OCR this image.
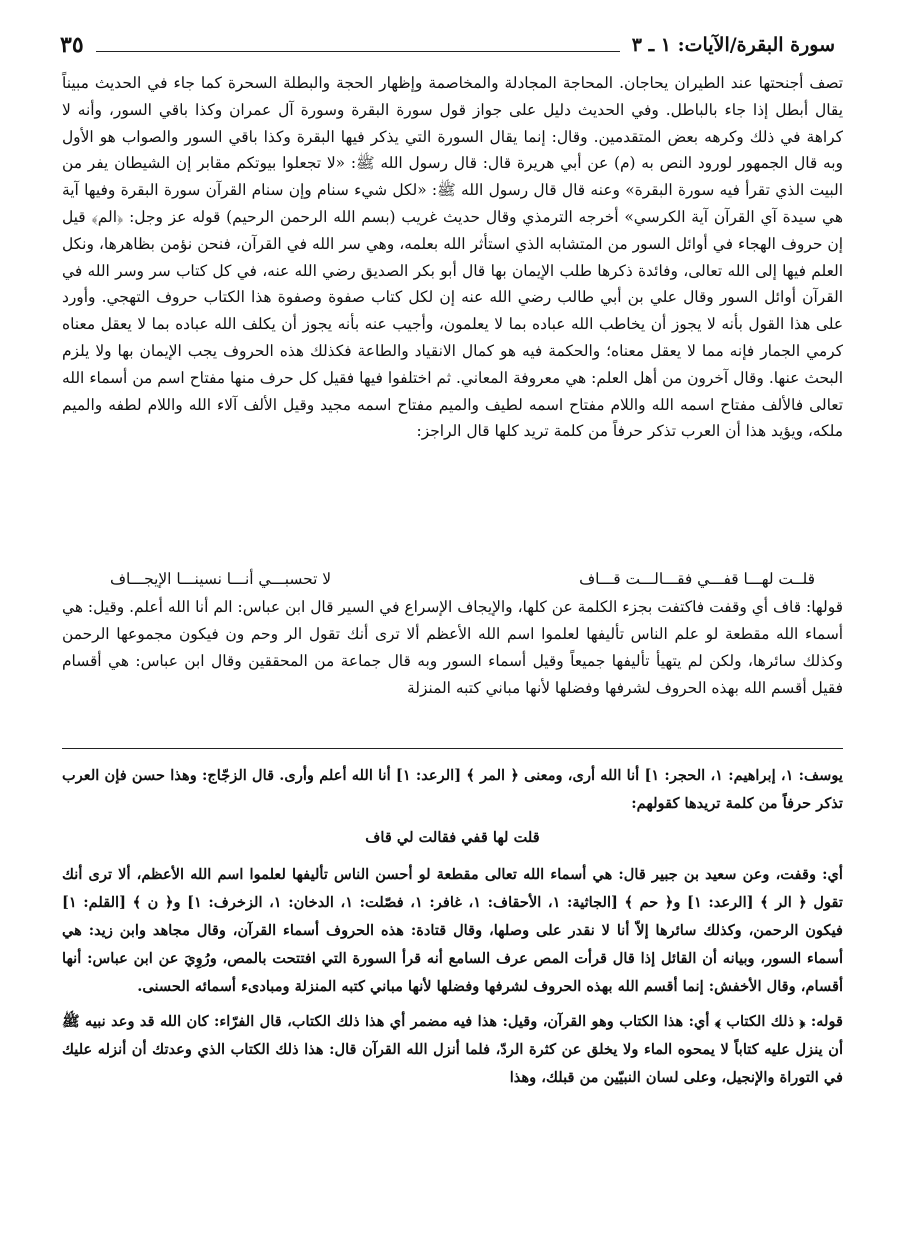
سورة البقرة/الآيات: ١ ـ ٣
٣٥

تصف أجنحتها عند الطيران يحاجان. المحاجة المجادلة والمخاصمة وإظهار الحجة والبطلة السحرة كما جاء في الحديث مبيناً يقال أبطل إذا جاء بالباطل. وفي الحديث دليل على جواز قول سورة البقرة وسورة آل عمران وكذا باقي السور، وأنه لا كراهة في ذلك وكرهه بعض المتقدمين. وقال: إنما يقال السورة التي يذكر فيها البقرة وكذا باقي السور والصواب هو الأول وبه قال الجمهور لورود النص به (م) عن أبي هريرة قال: قال رسول الله ﷺ: «لا تجعلوا بيوتكم مقابر إن الشيطان يفر من البيت الذي تقرأ فيه سورة البقرة» وعنه قال قال رسول الله ﷺ: «لكل شيء سنام وإن سنام القرآن سورة البقرة وفيها آية هي سيدة آي القرآن آية الكرسي» أخرجه الترمذي وقال حديث غريب (بسم الله الرحمن الرحيم) قوله عز وجل: ﴿الم﴾ قيل إن حروف الهجاء في أوائل السور من المتشابه الذي استأثر الله بعلمه، وهي سر الله في القرآن، فنحن نؤمن بظاهرها، ونكل العلم فيها إلى الله تعالى، وفائدة ذكرها طلب الإيمان بها قال أبو بكر الصديق رضي الله عنه، في كل كتاب سر وسر الله في القرآن أوائل السور وقال علي بن أبي طالب رضي الله عنه إن لكل كتاب صفوة وصفوة هذا الكتاب حروف التهجي. وأورد على هذا القول بأنه لا يجوز أن يخاطب الله عباده بما لا يعلمون، وأجيب عنه بأنه يجوز أن يكلف الله عباده بما لا يعقل معناه كرمي الجمار فإنه مما لا يعقل معناه؛ والحكمة فيه هو كمال الانقياد والطاعة فكذلك هذه الحروف يجب الإيمان بها ولا يلزم البحث عنها. وقال آخرون من أهل العلم: هي معروفة المعاني. ثم اختلفوا فيها فقيل كل حرف منها مفتاح اسم من أسماء الله تعالى فالألف مفتاح اسمه الله واللام مفتاح اسمه لطيف والميم مفتاح اسمه مجيد وقيل الألف آلاء الله واللام لطفه والميم ملكه، ويؤيد هذا أن العرب تذكر حرفاً من كلمة تريد كلها قال الراجز:

قلــت لهـــا قفـــي فقـــالـــت قـــاف
لا تحسبـــي أنـــا نسينـــا الإيجـــاف

قولها: قاف أي وقفت فاكتفت بجزء الكلمة عن كلها، والإيجاف الإسراع في السير قال ابن عباس: الم أنا الله أعلم. وقيل: هي أسماء الله مقطعة لو علم الناس تأليفها لعلموا اسم الله الأعظم ألا ترى أنك تقول الر وحم ون فيكون مجموعها الرحمن وكذلك سائرها، ولكن لم يتهيأ تأليفها جميعاً وقيل أسماء السور وبه قال جماعة من المحققين وقال ابن عباس: هي أقسام فقيل أقسم الله بهذه الحروف لشرفها وفضلها لأنها مباني كتبه المنزلة

يوسف: ١، إبراهيم: ١، الحجر: ١] أنا الله أرى، ومعنى ﴿ المر ﴾ [الرعد: ١] أنا الله أعلم وأرى. قال الزجّاج: وهذا حسن فإن العرب تذكر حرفاً من كلمة تريدها كقولهم:

قلت لها قفي فقالت لي قاف

أي: وقفت، وعن سعيد بن جبير قال: هي أسماء الله تعالى مقطعة لو أحسن الناس تأليفها لعلموا اسم الله الأعظم، ألا ترى أنك تقول ﴿ الر ﴾ [الرعد: ١] و﴿ حم ﴾ [الجاثية: ١، الأحقاف: ١، غافر: ١، فصّلت: ١، الدخان: ١، الزخرف: ١] و﴿ ن ﴾ [القلم: ١] فيكون الرحمن، وكذلك سائرها إلاّ أنا لا نقدر على وصلها، وقال قتادة: هذه الحروف أسماء القرآن، وقال مجاهد وابن زيد: هي أسماء السور، وبيانه أن القائل إذا قال قرأت المص عرف السامع أنه قرأ السورة التي افتتحت بالمص، ورُوِيَ عن ابن عباس: أنها أقسام، وقال الأخفش: إنما أقسم الله بهذه الحروف لشرفها وفضلها لأنها مباني كتبه المنزلة ومبادىء أسمائه الحسنى.

قوله: ﴿ ذلك الكتاب ﴾ أي: هذا الكتاب وهو القرآن، وقيل: هذا فيه مضمر أي هذا ذلك الكتاب، قال الفرّاء: كان الله قد وعد نبيه ﷺ أن ينزل عليه كتاباً لا يمحوه الماء ولا يخلق عن كثرة الردّ، فلما أنزل الله القرآن قال: هذا ذلك الكتاب الذي وعدتك أن أنزله عليك في التوراة والإنجيل، وعلى لسان النبيّين من قبلك، وهذا
